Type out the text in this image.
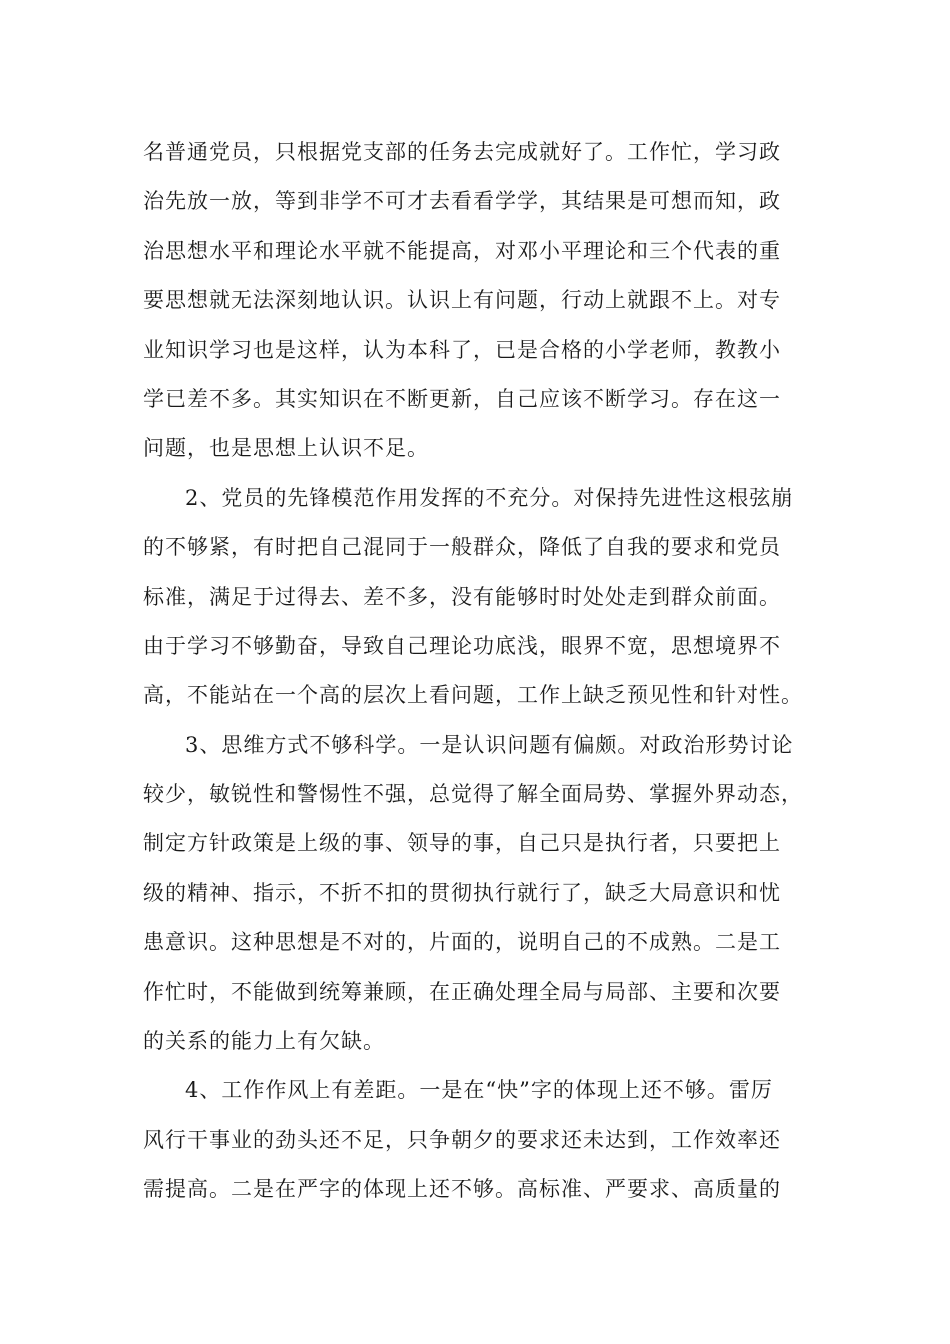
名普通党员，只根据党支部的任务去完成就好了。工作忙，学习政
治先放一放，等到非学不可才去看看学学，其结果是可想而知，政
治思想水平和理论水平就不能提高，对邓小平理论和三个代表的重
要思想就无法深刻地认识。认识上有问题，行动上就跟不上。对专
业知识学习也是这样，认为本科了，已是合格的小学老师，教教小
学已差不多。其实知识在不断更新，自己应该不断学习。存在这一
问题，也是思想上认识不足。
2、党员的先锋模范作用发挥的不充分。对保持先进性这根弦崩
的不够紧，有时把自己混同于一般群众，降低了自我的要求和党员
标准，满足于过得去、差不多，没有能够时时处处走到群众前面。
由于学习不够勤奋，导致自己理论功底浅，眼界不宽，思想境界不
高，不能站在一个高的层次上看问题，工作上缺乏预见性和针对性。
3、思维方式不够科学。一是认识问题有偏颇。对政治形势讨论
较少，敏锐性和警惕性不强，总觉得了解全面局势、掌握外界动态，
制定方针政策是上级的事、领导的事，自己只是执行者，只要把上
级的精神、指示，不折不扣的贯彻执行就行了，缺乏大局意识和忧
患意识。这种思想是不对的，片面的，说明自己的不成熟。二是工
作忙时，不能做到统筹兼顾，在正确处理全局与局部、主要和次要
的关系的能力上有欠缺。
4、工作作风上有差距。一是在“快”字的体现上还不够。雷厉
风行干事业的劲头还不足，只争朝夕的要求还未达到，工作效率还
需提高。二是在严字的体现上还不够。高标准、严要求、高质量的
